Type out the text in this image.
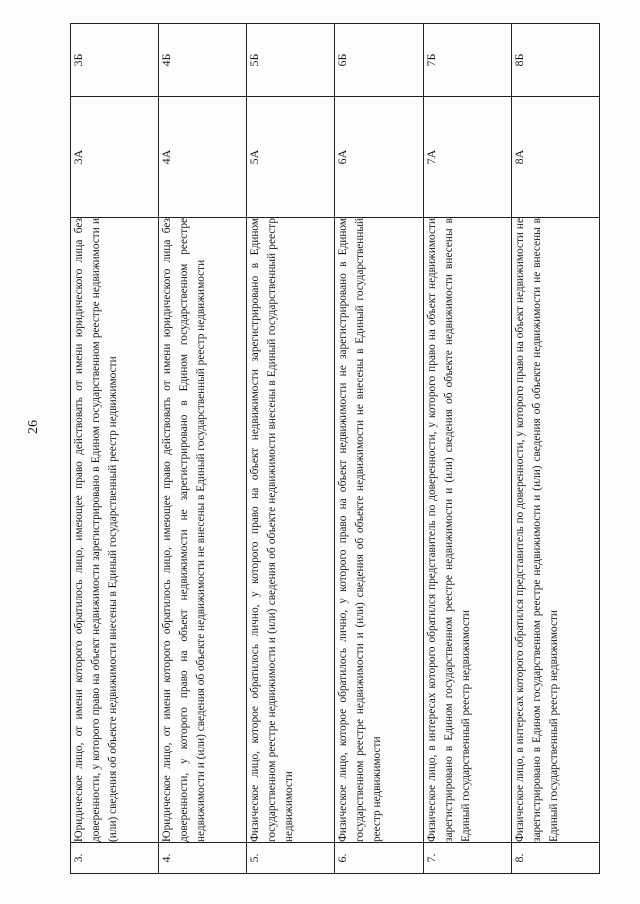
26
3.	Юридическое лицо, от имени которого обратилось лицо, имеющее право действовать от имени юридического лица без доверенности, у которого право на объект недвижимости зарегистрировано в Едином государственном реестре недвижимости и (или) сведения об объекте недвижимости внесены в Единый государственный реестр недвижимости	3А	3Б
4.	Юридическое лицо, от имени которого обратилось лицо, имеющее право действовать от имени юридического лица без доверенности, у которого право на объект недвижимости не зарегистрировано в Едином государственном реестре недвижимости и (или) сведения об объекте недвижимости не внесены в Единый государственный реестр недвижимости	4А	4Б
5.	Физическое лицо, которое обратилось лично, у которого право на объект недвижимости зарегистрировано в Едином государственном реестре недвижимости и (или) сведения об объекте недвижимости внесены в Единый государственный реестр недвижимости	5А	5Б
6.	Физическое лицо, которое обратилось лично, у которого право на объект недвижимости не зарегистрировано в Едином государственном реестре недвижимости и (или) сведения об объекте недвижимости не внесены в Единый государственный реестр недвижимости	6А	6Б
7.	Физическое лицо, в интересах которого обратился представитель по доверенности, у которого право на объект недвижимости зарегистрировано в Едином государственном реестре недвижимости и (или) сведения об объекте недвижимости внесены в Единый государственный реестр недвижимости	7А	7Б
8.	Физическое лицо, в интересах которого обратился представитель по доверенности, у которого право на объект недвижимости не зарегистрировано в Едином государственном реестре недвижимости и (или) сведения об объекте недвижимости не внесены в Единый государственный реестр недвижимости	8А	8Б
